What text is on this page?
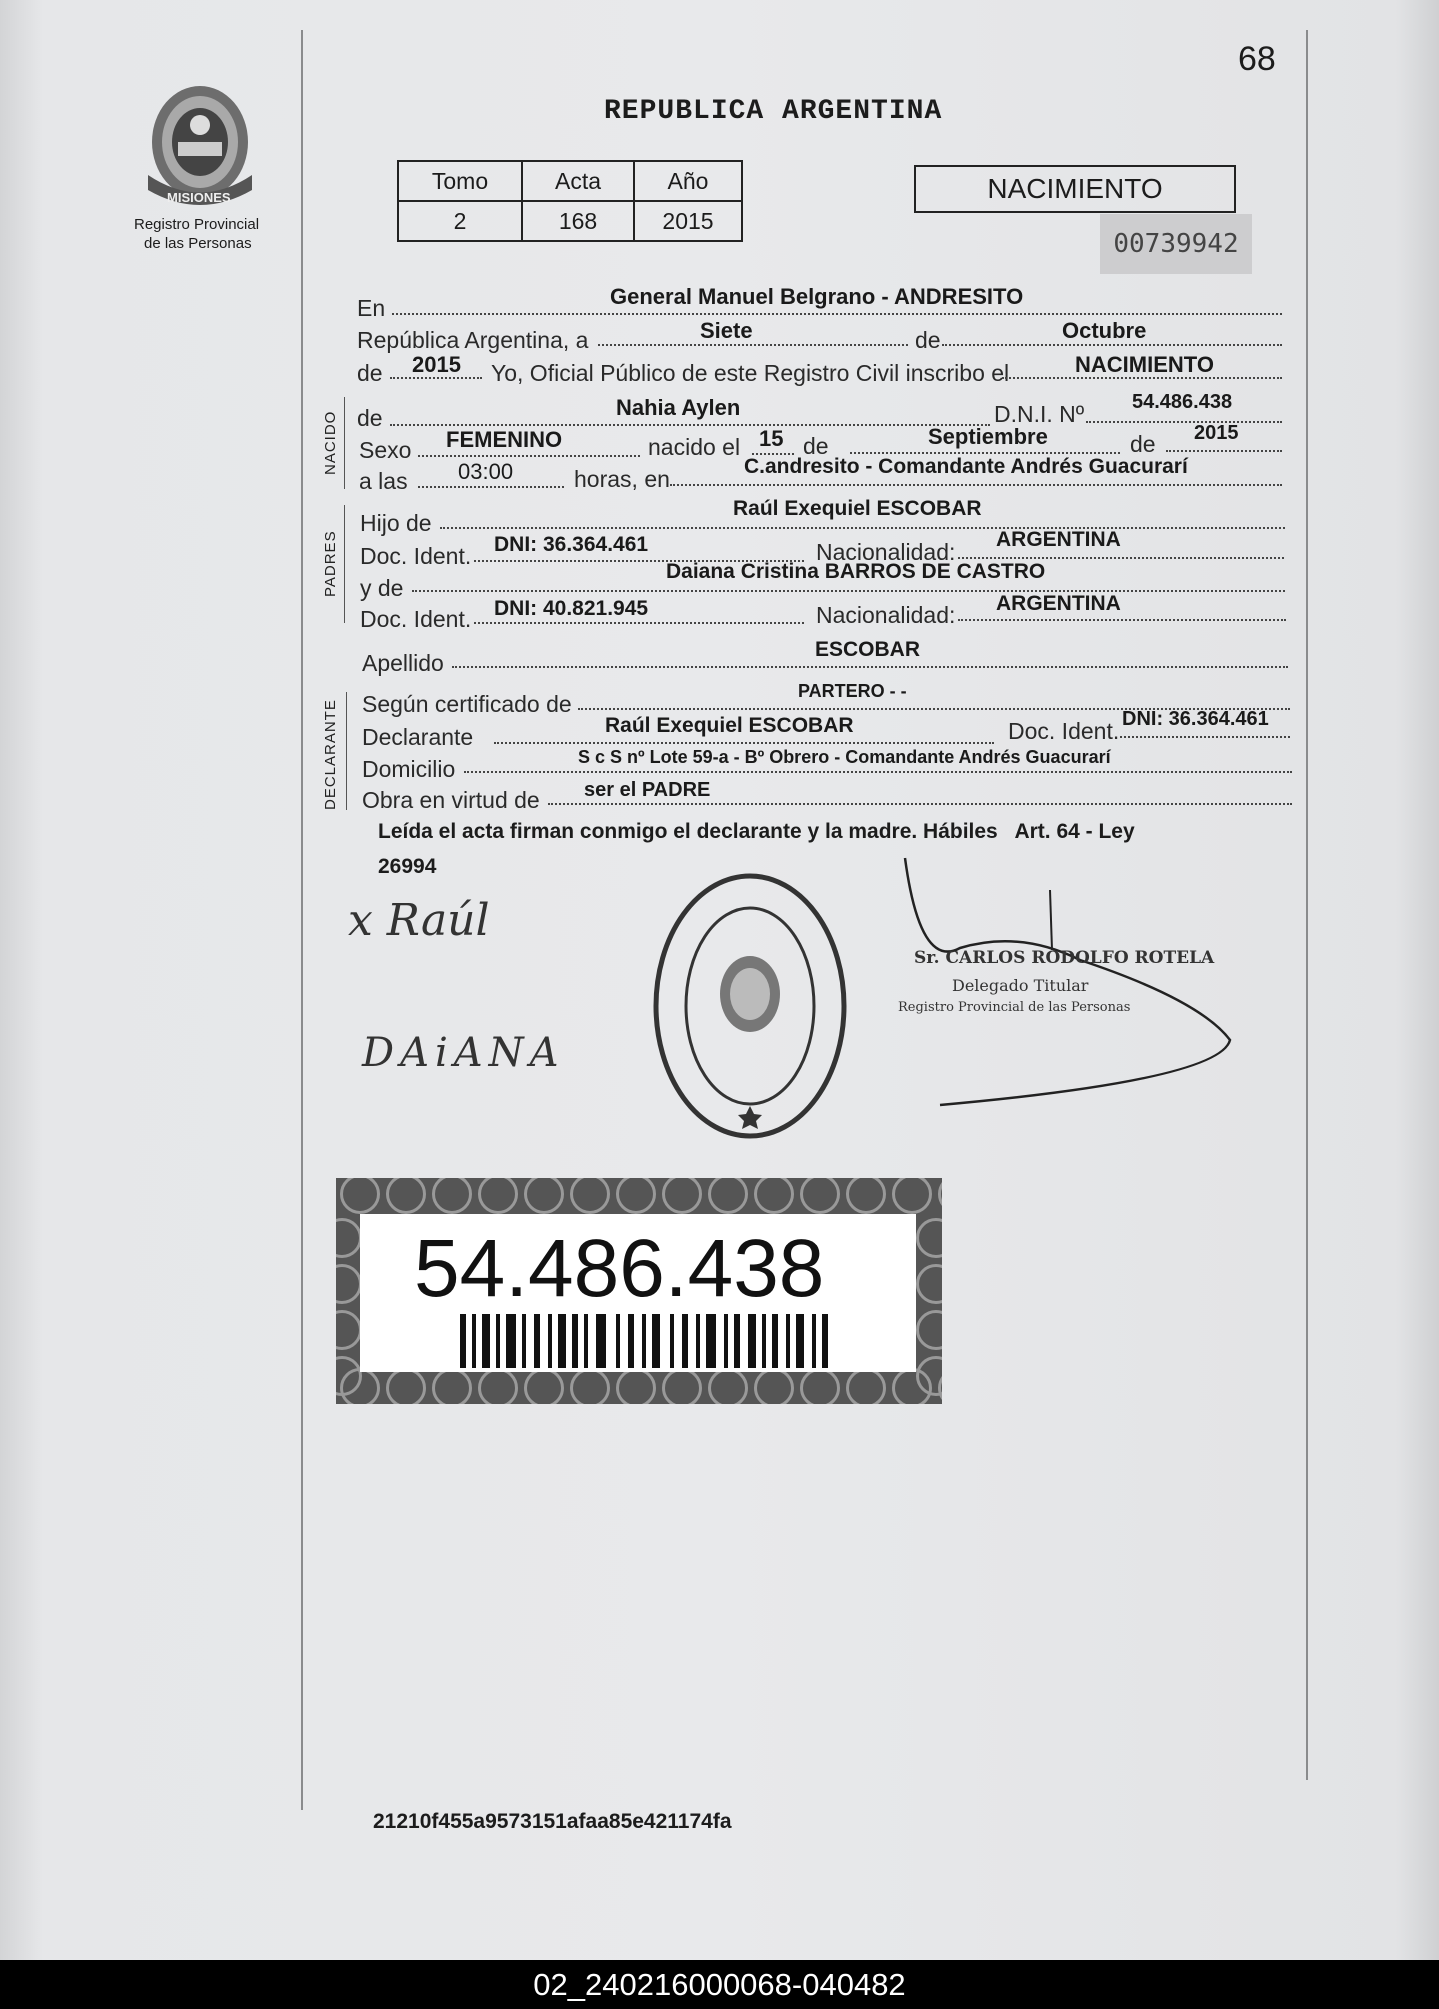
68
MISIONES
Registro Provincial
de las Personas
REPUBLICA ARGENTINA
Tomo	Acta	Año
2	168	2015
NACIMIENTO
00739942
En	General Manuel Belgrano - ANDRESITO
República Argentina, a	Siete	de	Octubre
de 2015 Yo, Oficial Público de este Registro Civil inscribo el	NACIMIENTO
NACIDO de	Nahia Aylen	D.N.I. Nº 54.486.438
Sexo FEMENINO	nacido el 15 de	Septiembre	de 2015
a las 03:00	horas, en	C.andresito - Comandante Andrés Guacurarí
PADRES
Hijo de
Raúl Exequiel ESCOBAR
Doc. Ident. DNI: 36.364.461	Nacionalidad: ARGENTINA
y de
Daiana Cristina BARROS DE CASTRO
Doc. Ident. DNI: 40.821.945	Nacionalidad: ARGENTINA
Apellido
ESCOBAR
DECLARANTE Según certificado de	PARTERO - -
Declarante	Raúl Exequiel ESCOBAR	Doc. Ident. DNI: 36.364.461
Domicilio	S c S nº Lote 59-a - Bº Obrero - Comandante Andrés Guacurarí
Obra en virtud de ser el PADRE
Leída el acta firman conmigo el declarante y la madre. Hábiles   Art. 64 - Ley
26994
x Raúl
DAiANA
Sr. CARLOS RODOLFO ROTELA
Delegado Titular
Registro Provincial de las Personas
54.486.438
21210f455a9573151afaa85e421174fa
02_240216000068-040482
